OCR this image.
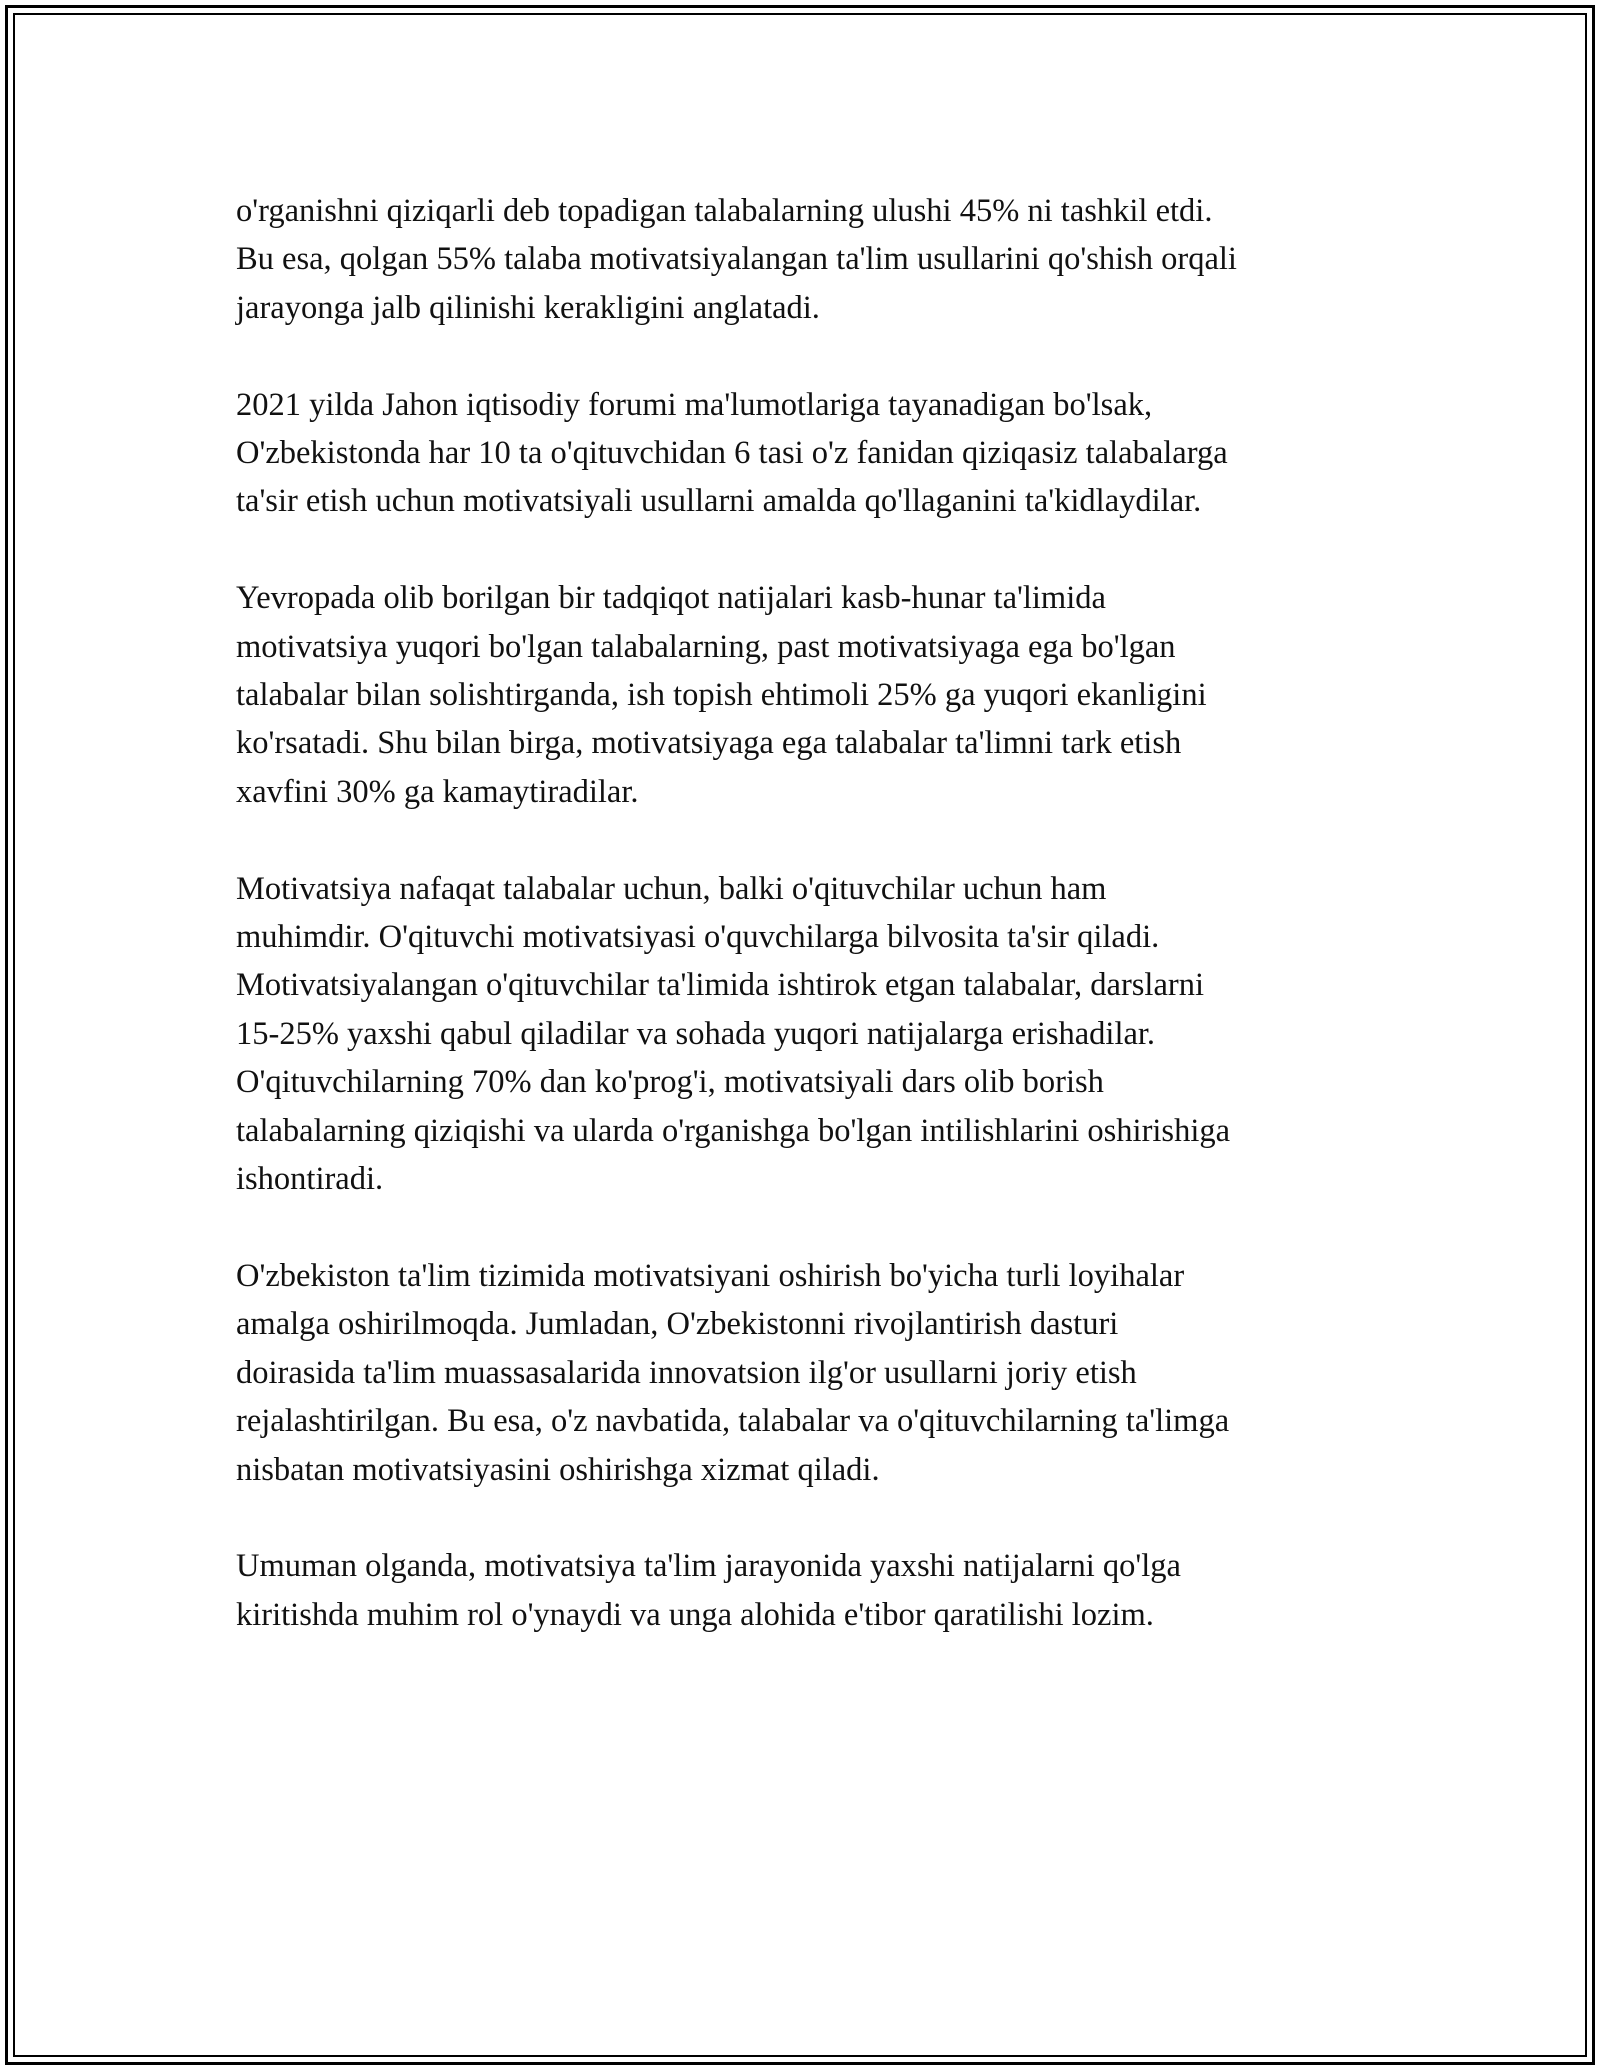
o'rganishni qiziqarli deb topadigan talabalarning ulushi 45% ni tashkil etdi.
Bu esa, qolgan 55% talaba motivatsiyalangan ta'lim usullarini qo'shish orqali
jarayonga jalb qilinishi kerakligini anglatadi.

2021 yilda Jahon iqtisodiy forumi ma'lumotlariga tayanadigan bo'lsak,
O'zbekistonda har 10 ta o'qituvchidan 6 tasi o'z fanidan qiziqasiz talabalarga
ta'sir etish uchun motivatsiyali usullarni amalda qo'llaganini ta'kidlaydilar.

Yevropada olib borilgan bir tadqiqot natijalari kasb-hunar ta'limida
motivatsiya yuqori bo'lgan talabalarning, past motivatsiyaga ega bo'lgan
talabalar bilan solishtirganda, ish topish ehtimoli 25% ga yuqori ekanligini
ko'rsatadi. Shu bilan birga, motivatsiyaga ega talabalar ta'limni tark etish
xavfini 30% ga kamaytiradilar.

Motivatsiya nafaqat talabalar uchun, balki o'qituvchilar uchun ham
muhimdir. O'qituvchi motivatsiyasi o'quvchilarga bilvosita ta'sir qiladi.
Motivatsiyalangan o'qituvchilar ta'limida ishtirok etgan talabalar, darslarni
15-25% yaxshi qabul qiladilar va sohada yuqori natijalarga erishadilar.
O'qituvchilarning 70% dan ko'prog'i, motivatsiyali dars olib borish
talabalarning qiziqishi va ularda o'rganishga bo'lgan intilishlarini oshirishiga
ishontiradi.

O'zbekiston ta'lim tizimida motivatsiyani oshirish bo'yicha turli loyihalar
amalga oshirilmoqda. Jumladan, O'zbekistonni rivojlantirish dasturi
doirasida ta'lim muassasalarida innovatsion ilg'or usullarni joriy etish
rejalashtirilgan. Bu esa, o'z navbatida, talabalar va o'qituvchilarning ta'limga
nisbatan motivatsiyasini oshirishga xizmat qiladi.

Umuman olganda, motivatsiya ta'lim jarayonida yaxshi natijalarni qo'lga
kiritishda muhim rol o'ynaydi va unga alohida e'tibor qaratilishi lozim.
